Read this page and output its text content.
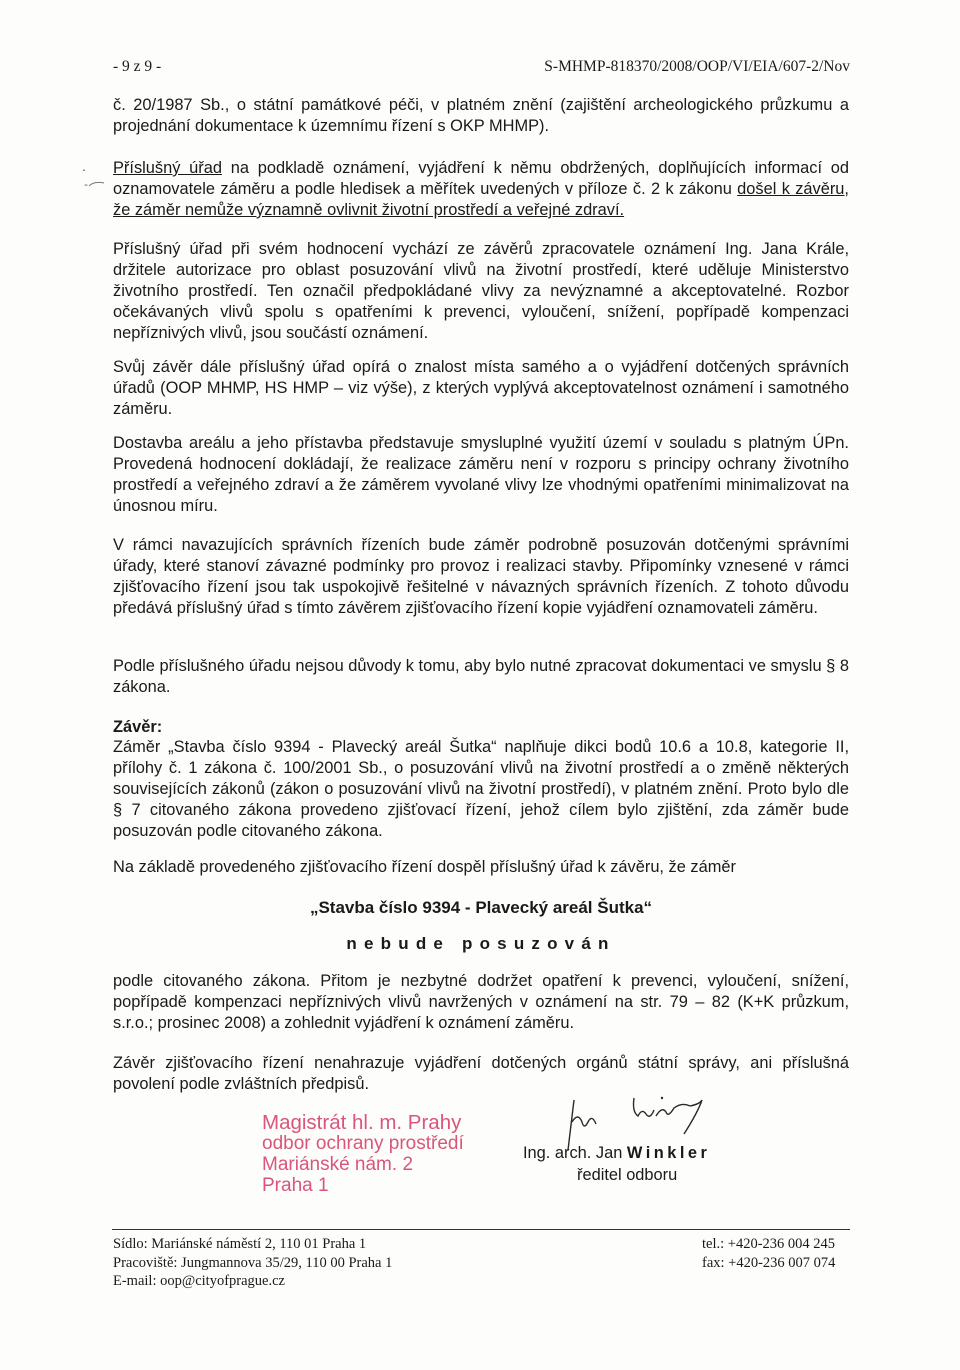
- 9 z 9 -	S-MHMP-818370/2008/OOP/VI/EIA/607-2/Nov
.
-

č. 20/1987 Sb., o státní památkové péči, v platném znění (zajištění archeologického průzkumu a projednání dokumentace k územnímu řízení s OKP MHMP).

Příslušný úřad na podkladě oznámení, vyjádření k němu obdržených, doplňujících informací od oznamovatele záměru a podle hledisek a měřítek uvedených v příloze č. 2 k zákonu došel k závěru, že záměr nemůže významně ovlivnit životní prostředí a veřejné zdraví.

Příslušný úřad při svém hodnocení vychází ze závěrů zpracovatele oznámení Ing. Jana Krále, držitele autorizace pro oblast posuzování vlivů na životní prostředí, které uděluje Ministerstvo životního prostředí. Ten označil předpokládané vlivy za nevýznamné a akceptovatelné. Rozbor očekávaných vlivů spolu s opatřeními k prevenci, vyloučení, snížení, popřípadě kompenzaci nepříznivých vlivů, jsou součástí oznámení.

Svůj závěr dále příslušný úřad opírá o znalost místa samého a o vyjádření dotčených správních úřadů (OOP MHMP, HS HMP – viz výše), z kterých vyplývá akceptovatelnost oznámení i samotného záměru.

Dostavba areálu a jeho přístavba představuje smysluplné využití území v souladu s platným ÚPn. Provedená hodnocení dokládají, že realizace záměru není v rozporu s principy ochrany životního prostředí a veřejného zdraví a že záměrem vyvolané vlivy lze vhodnými opatřeními minimalizovat na únosnou míru.

V rámci navazujících správních řízeních bude záměr podrobně posuzován dotčenými správními úřady, které stanoví závazné podmínky pro provoz i realizaci stavby. Připomínky vznesené v rámci zjišťovacího řízení jsou tak uspokojivě řešitelné v návazných správních řízeních. Z tohoto důvodu předává příslušný úřad s tímto závěrem zjišťovacího řízení kopie vyjádření oznamovateli záměru.

Podle příslušného úřadu nejsou důvody k tomu, aby bylo nutné zpracovat dokumentaci ve smyslu § 8 zákona.

Závěr:

Záměr „Stavba číslo 9394 - Plavecký areál Šutka“ naplňuje dikci bodů 10.6 a 10.8, kategorie II, přílohy č. 1 zákona č. 100/2001 Sb., o posuzování vlivů na životní prostředí a o změně některých souvisejících zákonů (zákon o posuzování vlivů na životní prostředí), v platném znění. Proto bylo dle § 7 citovaného zákona provedeno zjišťovací řízení, jehož cílem bylo zjištění, zda záměr bude posuzován podle citovaného zákona.

Na základě provedeného zjišťovacího řízení dospěl příslušný úřad k závěru, že záměr

„Stavba číslo 9394 - Plavecký areál Šutka“
nebude posuzován

podle citovaného zákona. Přitom je nezbytné dodržet opatření k prevenci, vyloučení, snížení, popřípadě kompenzaci nepříznivých vlivů navržených v oznámení na str. 79 – 82 (K+K průzkum, s.r.o.; prosinec 2008) a zohlednit vyjádření k oznámení záměru.

Závěr zjišťovacího řízení nenahrazuje vyjádření dotčených orgánů státní správy, ani příslušná povolení podle zvláštních předpisů.

Magistrát hl. m. Prahy
odbor ochrany prostředí
Mariánské nám. 2
Praha 1
Ing. arch. Jan Winkler
ředitel odboru
Sídlo: Mariánské náměstí 2, 110 01 Praha 1
Pracoviště: Jungmannova 35/29, 110 00 Praha 1
E-mail: oop@cityofprague.cz
tel.: +420-236 004 245
fax: +420-236 007 074
